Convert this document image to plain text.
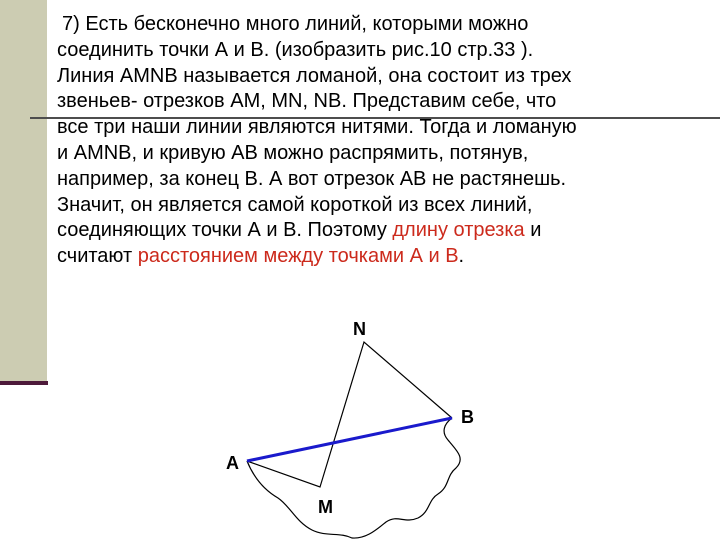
7) Есть бесконечно много линий, которыми можно
соединить точки А и В. (изобразить рис.10 стр.33 ).
Линия АМNВ называется ломаной, она состоит из трех
звеньев- отрезков АМ, МN, NВ. Представим себе, что
все три наши линии являются нитями. Тогда и ломаную
и АМNВ, и кривую АВ можно распрямить, потянув,
например, за конец В. А вот отрезок АВ не растянешь.
Значит, он является самой короткой из всех линий,
соединяющих точки А и В. Поэтому длину отрезка и
считают расстоянием между точками А и В.
N
B
A
M
